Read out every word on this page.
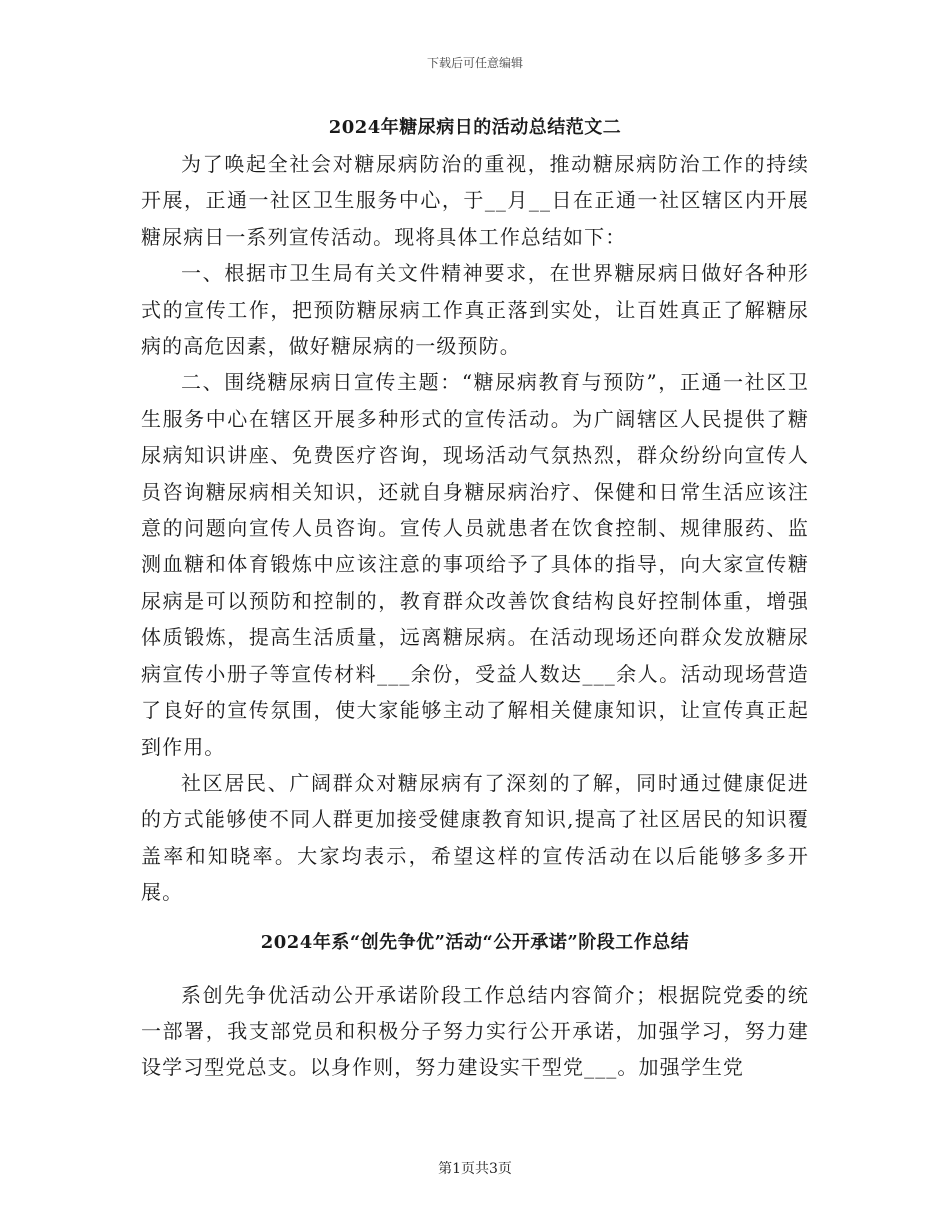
下载后可任意编辑
2024年糖尿病日的活动总结范文二

为了唤起全社会对糖尿病防治的重视，推动糖尿病防治工作的持续开展，正通一社区卫生服务中心，于__月__日在正通一社区辖区内开展糖尿病日一系列宣传活动。现将具体工作总结如下：

一、根据市卫生局有关文件精神要求，在世界糖尿病日做好各种形式的宣传工作，把预防糖尿病工作真正落到实处，让百姓真正了解糖尿病的高危因素，做好糖尿病的一级预防。

二、围绕糖尿病日宣传主题：“糖尿病教育与预防”，正通一社区卫生服务中心在辖区开展多种形式的宣传活动。为广阔辖区人民提供了糖尿病知识讲座、免费医疗咨询，现场活动气氛热烈，群众纷纷向宣传人员咨询糖尿病相关知识，还就自身糖尿病治疗、保健和日常生活应该注意的问题向宣传人员咨询。宣传人员就患者在饮食控制、规律服药、监测血糖和体育锻炼中应该注意的事项给予了具体的指导，向大家宣传糖尿病是可以预防和控制的，教育群众改善饮食结构良好控制体重，增强体质锻炼，提高生活质量，远离糖尿病。在活动现场还向群众发放糖尿病宣传小册子等宣传材料___余份，受益人数达___余人。活动现场营造了良好的宣传氛围，使大家能够主动了解相关健康知识，让宣传真正起到作用。

社区居民、广阔群众对糖尿病有了深刻的了解，同时通过健康促进的方式能够使不同人群更加接受健康教育知识,提高了社区居民的知识覆盖率和知晓率。大家均表示，希望这样的宣传活动在以后能够多多开展。

2024年系“创先争优”活动“公开承诺”阶段工作总结

系创先争优活动公开承诺阶段工作总结内容简介；根据院党委的统一部署，我支部党员和积极分子努力实行公开承诺，加强学习，努力建设学习型党总支。以身作则，努力建设实干型党___。加强学生党

第1页共3页
